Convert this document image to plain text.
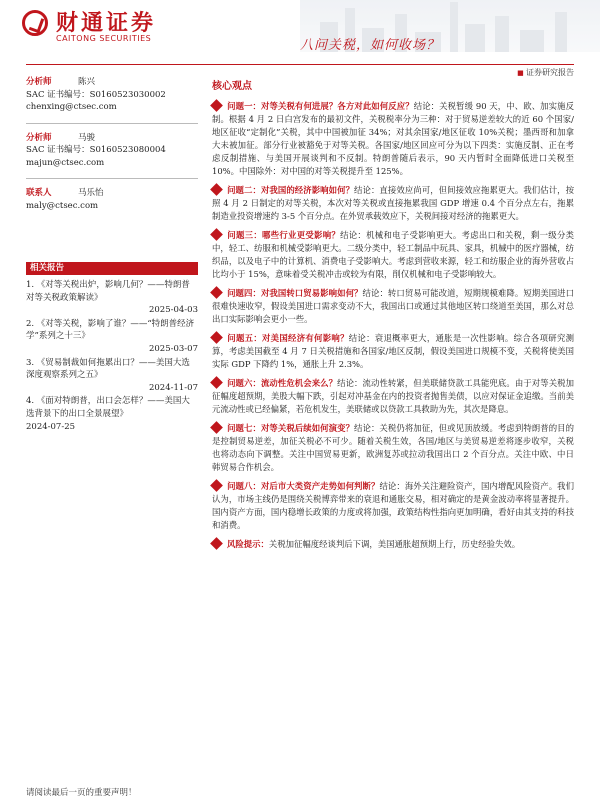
财通证券
CAITONG SECURITIES	八问关税，如何收场？
■ 证券研究报告
分析师	陈兴
SAC 证书编号：S0160523030002
chenxing@ctsec.com
分析师	马骏
SAC 证书编号：S0160523080004
majun@ctsec.com
联系人	马乐怡
maly@ctsec.com
相关报告
1. 《对等关税出炉，影响几何？——特朗普对等关税政策解读》
2025-04-03
2. 《对等关税，影响了谁？——“特朗普经济学”系列之十三》
2025-03-07
3. 《贸易制裁如何拖累出口？——美国大选深度观察系列之五》
2024-11-07
4. 《面对特朗普，出口会怎样？——美国大选背景下的出口全景展望》
2024-07-25
核心观点
问题一：对等关税有何进展？各方对此如何反应？结论：关税暂缓 90 天，中、欧、加实施反制。根据 4 月 2 日白宫发布的最初文件，关税税率分为三种：对于贸易逆差较大的近 60 个国家/地区征收“定制化”关税，其中中国被加征 34%；对其余国家/地区征收 10%关税；墨西哥和加拿大未被加征。部分行业被豁免于对等关税。各国家/地区回应可分为以下四类：实施反制、正在考虑反制措施、与美国开展谈判和不反制。特朗普随后表示，90 天内暂时全面降低进口关税至 10%。中国除外：对中国的对等关税提升至 125%。
问题二：对我国的经济影响如何？结论：直接效应尚可，但间接效应拖累更大。我们估计，按照 4 月 2 日制定的对等关税，本次对等关税或直接拖累我国 GDP 增速 0.4 个百分点左右，拖累制造业投资增速约 3-5 个百分点。在外贸承载效应下，关税间接对经济的拖累更大。
问题三：哪些行业更受影响？结论：机械和电子受影响更大。考虑出口和关税，剩一级分类中，轻工、纺服和机械受影响更大。二级分类中，轻工制品中玩具、家具，机械中的医疗器械，纺织品，以及电子中的计算机、消费电子受影响大。考虑到营收来源，轻工和纺服企业的海外营收占比均小于 15%，意味着受关税冲击或较为有限，削仅机械和电子受影响较大。
问题四：对我国转口贸易影响如何？结论：转口贸易可能改道，短期规模难降。短期美国进口很难快速收窄，假设美国进口需求变动不大，我国出口或通过其他地区转口绕道至美国，那么对总出口实际影响会更小一些。
问题五：对美国经济有何影响？结论：衰退概率更大，通胀是一次性影响。综合各项研究测算，考虑美国截至 4 月 7 日关税措施和各国家/地区反制，假设美国进口规模不变，关税将使美国实际 GDP 下降约 1%，通胀上升 2.3%。
问题六：流动性危机会来么？结论：流动性转紧，但美联储贷款工具能兜底。由于对等关税加征幅度超预期，美股大幅下跌，引起对冲基金在内的投资者抛售美债，以应对保证金追缴。当前美元流动性或已经偏紧，若危机发生，美联储或以贷款工具救助为先，其次是降息。
问题七：对等关税后续如何演变？结论：关税仍将加征，但或见顶放缓。考虑到特朗普的目的是控制贸易逆差，加征关税必不可少。随着关税生效，各国/地区与美贸易逆差将逐步收窄，关税也将动态向下调整。关注中国贸易更新，欧洲复苏或拉动我国出口 2 个百分点。关注中欧、中日韩贸易合作机会。
问题八：对后市大类资产走势如何判断？结论：海外关注避险资产，国内增配风险资产。我们认为，市场主线仍是围绕关税博弈带来的衰退和通胀交易，相对确定的是黄金波动率将显著提升。国内资产方面，国内稳增长政策的力度或将加强，政策结构性指向更加明确，看好由其支持的科技和消费。
风险提示：关税加征幅度经谈判后下调，美国通胀超预期上行，历史经验失效。
请阅读最后一页的重要声明！
